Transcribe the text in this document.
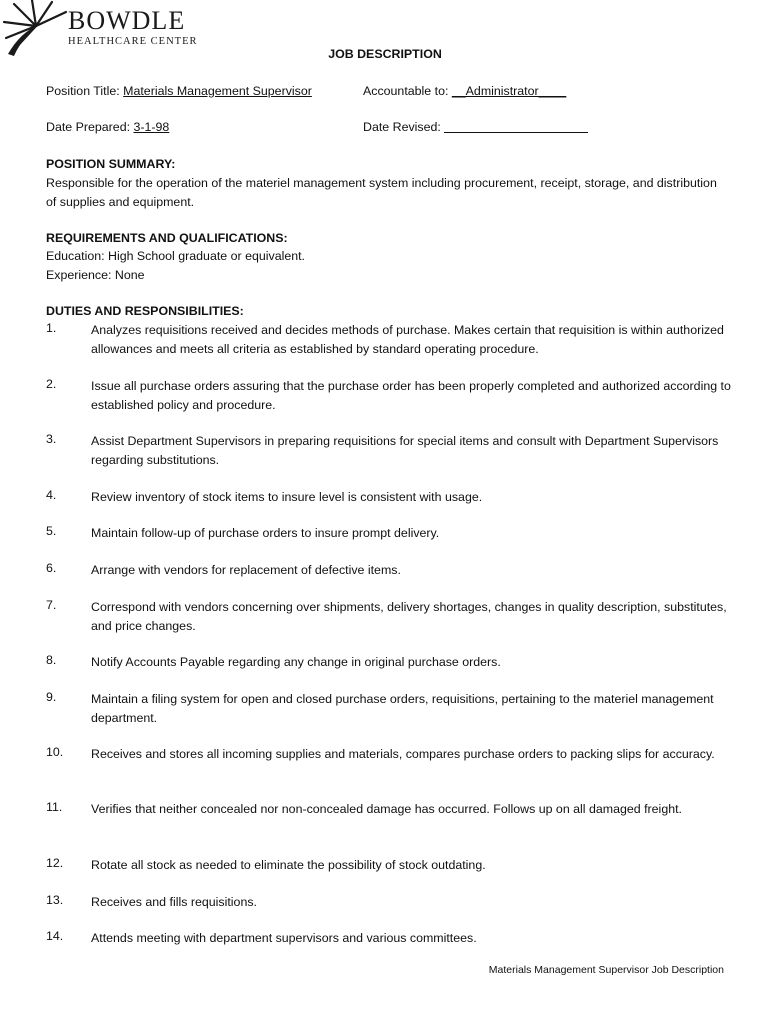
BOWDLE
HEALTHCARE CENTER
JOB DESCRIPTION
Position Title: Materials Management Supervisor	Accountable to: __Administrator____
Date Prepared: 3-1-98	Date Revised:
POSITION SUMMARY:
Responsible for the operation of the materiel management system including procurement, receipt, storage, and distribution of supplies and equipment.
REQUIREMENTS AND QUALIFICATIONS:
Education: High School graduate or equivalent.
Experience: None
DUTIES AND RESPONSIBILITIES:
1.	Analyzes requisitions received and decides methods of purchase. Makes certain that requisition is within authorized allowances and meets all criteria as established by standard operating procedure.
2.	Issue all purchase orders assuring that the purchase order has been properly completed and authorized according to established policy and procedure.
3.	Assist Department Supervisors in preparing requisitions for special items and consult with Department Supervisors regarding substitutions.
4.	Review inventory of stock items to insure level is consistent with usage.
5.	Maintain follow-up of purchase orders to insure prompt delivery.
6.	Arrange with vendors for replacement of defective items.
7.	Correspond with vendors concerning over shipments, delivery shortages, changes in quality description, substitutes, and price changes.
8.	Notify Accounts Payable regarding any change in original purchase orders.
9.	Maintain a filing system for open and closed purchase orders, requisitions, pertaining to the materiel management department.
10. Receives and stores all incoming supplies and materials, compares purchase orders to packing slips for accuracy.
11. Verifies that neither concealed nor non-concealed damage has occurred. Follows up on all damaged freight.
12. Rotate all stock as needed to eliminate the possibility of stock outdating.
13. Receives and fills requisitions.
14. Attends meeting with department supervisors and various committees.
Materials Management Supervisor Job Description
